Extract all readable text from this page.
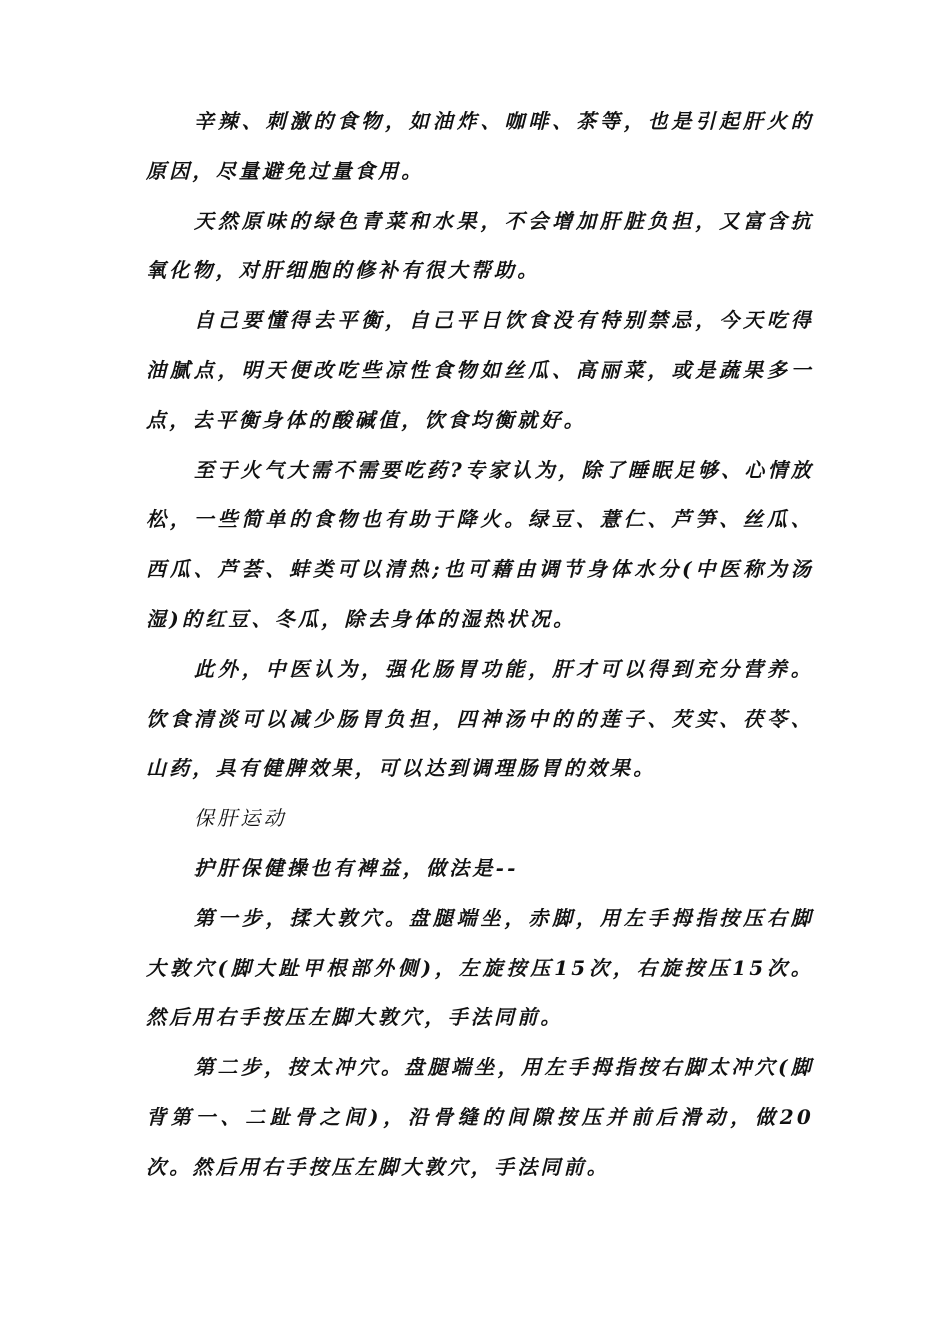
辛辣、刺激的食物，如油炸、咖啡、茶等，也是引起肝火的原因，尽量避免过量食用。

天然原味的绿色青菜和水果，不会增加肝脏负担，又富含抗氧化物，对肝细胞的修补有很大帮助。

自己要懂得去平衡，自己平日饮食没有特别禁忌，今天吃得油腻点，明天便改吃些凉性食物如丝瓜、高丽菜，或是蔬果多一点，去平衡身体的酸碱值，饮食均衡就好。

至于火气大需不需要吃药?专家认为，除了睡眠足够、心情放松，一些简单的食物也有助于降火。绿豆、薏仁、芦笋、丝瓜、西瓜、芦荟、蚌类可以清热;也可藉由调节身体水分(中医称为汤湿)的红豆、冬瓜，除去身体的湿热状况。

此外，中医认为，强化肠胃功能，肝才可以得到充分营养。饮食清淡可以减少肠胃负担，四神汤中的的莲子、芡实、茯苓、山药，具有健脾效果，可以达到调理肠胃的效果。

保肝运动

护肝保健操也有裨益，做法是--

第一步，揉大敦穴。盘腿端坐，赤脚，用左手拇指按压右脚大敦穴(脚大趾甲根部外侧)，左旋按压15次，右旋按压15次。然后用右手按压左脚大敦穴，手法同前。

第二步，按太冲穴。盘腿端坐，用左手拇指按右脚太冲穴(脚背第一、二趾骨之间)，沿骨缝的间隙按压并前后滑动，做20次。然后用右手按压左脚大敦穴，手法同前。
